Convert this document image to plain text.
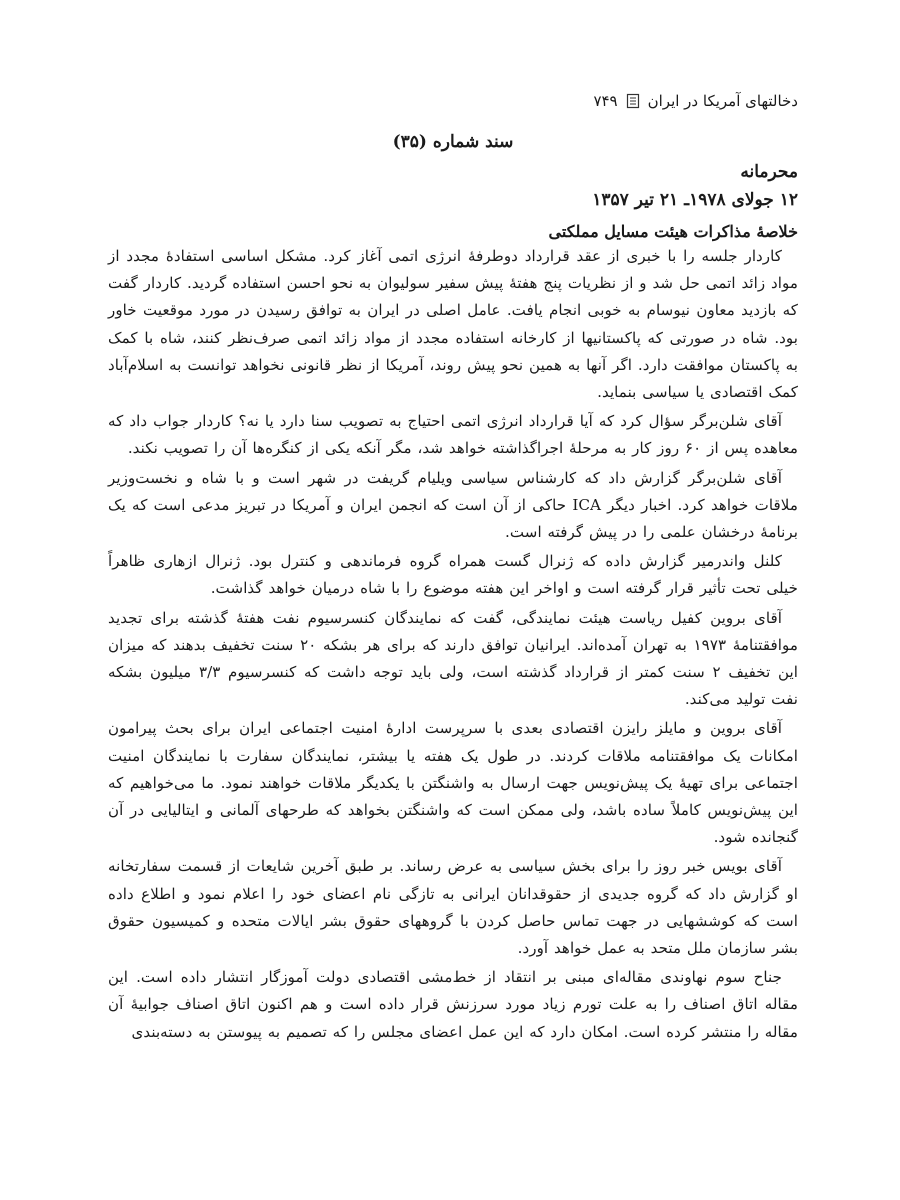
دخالتهای آمریکا در ایران
۷۴۹
سند شماره (۳۵)
محرمانه
۱۲ جولای ۱۹۷۸ـ ۲۱ تیر ۱۳۵۷
خلاصهٔ مذاکرات هیئت مسایل مملکتی

کاردار جلسه را با خبری از عقد قرارداد دوطرفهٔ انرژی اتمی آغاز کرد. مشکل اساسی استفادهٔ مجدد از مواد زائد اتمی حل شد و از نظریات پنج هفتهٔ پیش سفیر سولیوان به نحو احسن استفاده گردید. کاردار گفت که بازدید معاون نیوسام به خوبی انجام یافت. عامل اصلی در ایران به توافق رسیدن در مورد موقعیت خاور بود. شاه در صورتی که پاکستانیها از کارخانه استفاده مجدد از مواد زائد اتمی صرف‌نظر کنند، شاه با کمک به پاکستان موافقت دارد. اگر آنها به همین نحو پیش روند، آمریکا از نظر قانونی نخواهد توانست به اسلام‌آباد کمک اقتصادی یا سیاسی بنماید.

آقای شلن‌برگر سؤال کرد که آیا قرارداد انرژی اتمی احتیاج به تصویب سنا دارد یا نه؟ کاردار جواب داد که معاهده پس از ۶۰ روز کار به مرحلهٔ اجراگذاشته خواهد شد، مگر آنکه یکی از کنگره‌ها آن را تصویب نکند.

آقای شلن‌برگر گزارش داد که کارشناس سیاسی ویلیام گریفت در شهر است و با شاه و نخست‌وزیر ملاقات خواهد کرد. اخبار دیگر ICA حاکی از آن است که انجمن ایران و آمریکا در تبریز مدعی است که یک برنامهٔ درخشان علمی را در پیش گرفته است.

کلنل واندرمیر گزارش داده که ژنرال گست همراه گروه فرماندهی و کنترل بود. ژنرال ازهاری ظاهراً خیلی تحت تأثیر قرار گرفته است و اواخر این هفته موضوع را با شاه درمیان خواهد گذاشت.

آقای بروین کفیل ریاست هیئت نمایندگی، گفت که نمایندگان کنسرسیوم نفت هفتهٔ گذشته برای تجدید موافقتنامهٔ ۱۹۷۳ به تهران آمده‌اند. ایرانیان توافق دارند که برای هر بشکه ۲۰ سنت تخفیف بدهند که میزان این تخفیف ۲ سنت کمتر از قرارداد گذشته است، ولی باید توجه داشت که کنسرسیوم ۳/۳ میلیون بشکه نفت تولید می‌کند.

آقای بروین و مایلز رایزن اقتصادی بعدی با سرپرست ادارهٔ امنیت اجتماعی ایران برای بحث پیرامون امکانات یک موافقتنامه ملاقات کردند. در طول یک هفته یا بیشتر، نمایندگان سفارت با نمایندگان امنیت اجتماعی برای تهیهٔ یک پیش‌نویس جهت ارسال به واشنگتن با یکدیگر ملاقات خواهند نمود. ما می‌خواهیم که این پیش‌نویس کاملاً ساده باشد، ولی ممکن است که واشنگتن بخواهد که طرحهای آلمانی و ایتالیایی در آن گنجانده شود.

آقای بویس خبر روز را برای بخش سیاسی به عرض رساند. بر طبق آخرین شایعات از قسمت سفارتخانه او گزارش داد که گروه جدیدی از حقوقدانان ایرانی به تازگی نام اعضای خود را اعلام نمود و اطلاع داده است که کوششهایی در جهت تماس حاصل کردن با گروههای حقوق بشر ایالات متحده و کمیسیون حقوق بشر سازمان ملل متحد به عمل خواهد آورد.

جناح سوم نهاوندی مقاله‌ای مبنی بر انتقاد از خط‌مشی اقتصادی دولت آموزگار انتشار داده است. این مقاله اتاق اصناف را به علت تورم زیاد مورد سرزنش قرار داده است و هم اکنون اتاق اصناف جوابیهٔ آن مقاله را منتشر کرده است. امکان دارد که این عمل اعضای مجلس را که تصمیم به پیوستن به دسته‌بندی
